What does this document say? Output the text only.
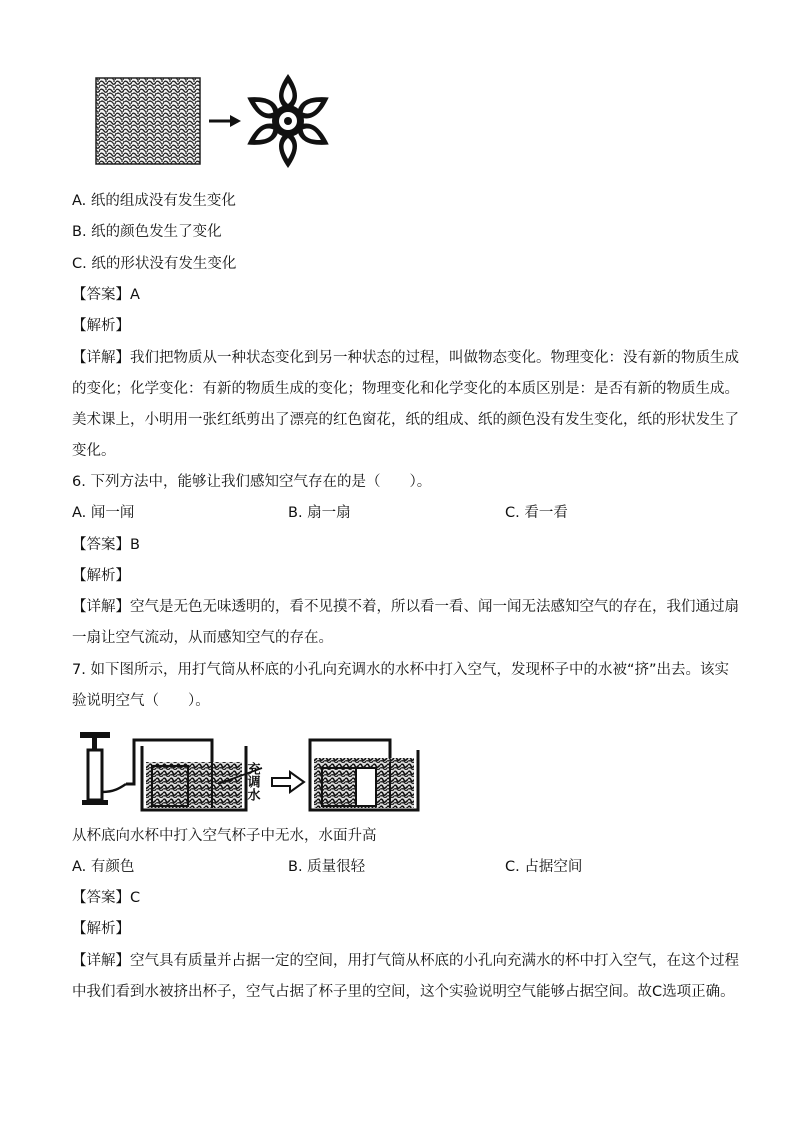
A. 纸的组成没有发生变化
B. 纸的颜色发生了变化
C. 纸的形状没有发生变化
【答案】A
【解析】
【详解】我们把物质从一种状态变化到另一种状态的过程，叫做物态变化。物理变化：没有新的物质生成
的变化；化学变化：有新的物质生成的变化；物理变化和化学变化的本质区别是：是否有新的物质生成。
美术课上，小明用一张红纸剪出了漂亮的红色窗花，纸的组成、纸的颜色没有发生变化，纸的形状发生了
变化。
6. 下列方法中，能够让我们感知空气存在的是（　　）。
A. 闻一闻	B. 扇一扇	C. 看一看
【答案】B
【解析】
【详解】空气是无色无味透明的，看不见摸不着，所以看一看、闻一闻无法感知空气的存在，我们通过扇
一扇让空气流动，从而感知空气的存在。
7. 如下图所示，用打气筒从杯底的小孔向充调水的水杯中打入空气，发现杯子中的水被“挤”出去。该实
验说明空气（　　）。
充调水
从杯底向水杯中打入空气杯子中无水，水面升高
A. 有颜色	B. 质量很轻	C. 占据空间
【答案】C
【解析】
【详解】空气具有质量并占据一定的空间，用打气筒从杯底的小孔向充满水的杯中打入空气，在这个过程
中我们看到水被挤出杯子，空气占据了杯子里的空间，这个实验说明空气能够占据空间。故C选项正确。
